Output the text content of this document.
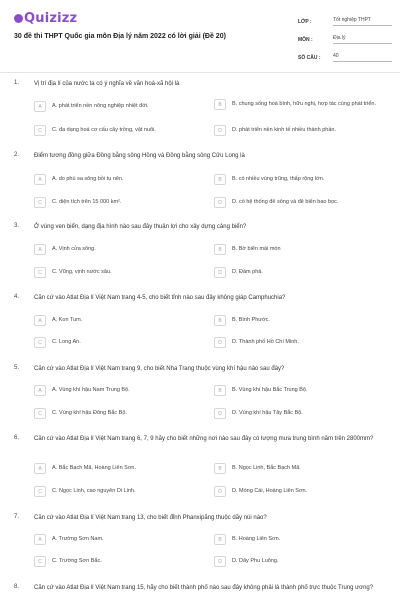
Quizizz
30 đề thi THPT Quốc gia môn Địa lý năm 2022 có lời giải (Đề 20)
LỚP :	Tốt nghiệp THPT
MÔN :	Địa lý
SỐ CÂU :	40
1. Vị trí địa lí của nước ta có ý nghĩa về văn hoá-xã hội là
A	A. phát triển nền nông nghiệp nhiệt đới.	B	B. chung sống hoà bình, hữu nghị, hợp tác cùng phát triển.
C	C. đa dạng hoá cơ cấu cây trồng, vật nuôi.	D	D. phát triển nền kinh tế nhiều thành phần.
2. Điểm tương đồng giữa Đồng bằng sông Hồng và Đồng bằng sông Cửu Long là
A	A. do phù sa sông bồi tụ nên.	B	B. có nhiều vùng trũng, thấp rộng lớn.
C	C. diện tích trên 15 000 km².	D	D. có hệ thống đê sông và đê biển bao bọc.
3. Ở vùng ven biển, dạng địa hình nào sau đây thuận lợi cho xây dựng cảng biển?
A	A. Vịnh cửa sông.	B	B. Bờ biển mài mòn
C	C. Vũng, vịnh nước sâu.	D	D. Đầm phá.
4. Căn cứ vào Atlat Địa lí Việt Nam trang 4-5, cho biết tỉnh nào sau đây không giáp Camphuchia?
A	A. Kon Tum.	B	B. Bình Phước.
C	C. Long An.	D	D. Thành phố Hồ Chí Minh.
5. Căn cứ vào Atlat Địa lí Việt Nam trang 9, cho biết Nha Trang thuộc vùng khí hậu nào sau đây?
A	A. Vùng khí hậu Nam Trung Bộ.	B	B. Vùng khí hậu Bắc Trung Bộ.
C	C. Vùng khí hậu Đông Bắc Bộ.	D	D. Vùng khí hậu Tây Bắc Bộ.
6. Căn cứ vào Atlat Địa lí Việt Nam trang 6, 7, 9 hãy cho biết những nơi nào sau đây có lượng mưa trung bình năm trên 2800mm?
A	A. Bắc Bạch Mã, Hoàng Liên Sơn.	B	B. Ngọc Linh, Bắc Bạch Mã.
C	C. Ngọc Linh, cao nguyên Di Linh.	D	D. Móng Cái, Hoàng Liên Sơn.
7. Căn cứ vào Atlat Địa lí Việt Nam trang 13, cho biết đỉnh Phanxipăng thuộc dãy núi nào?
A	A. Trường Sơn Nam.	B	B. Hoàng Liên Sơn.
C	C. Trường Sơn Bắc.	D	D. Dãy Phu Luông.
8. Căn cứ vào Atlat Địa lí Việt Nam trang 15, hãy cho biết thành phố nào sau đây không phải là thành phố trực thuộc Trung ương?
